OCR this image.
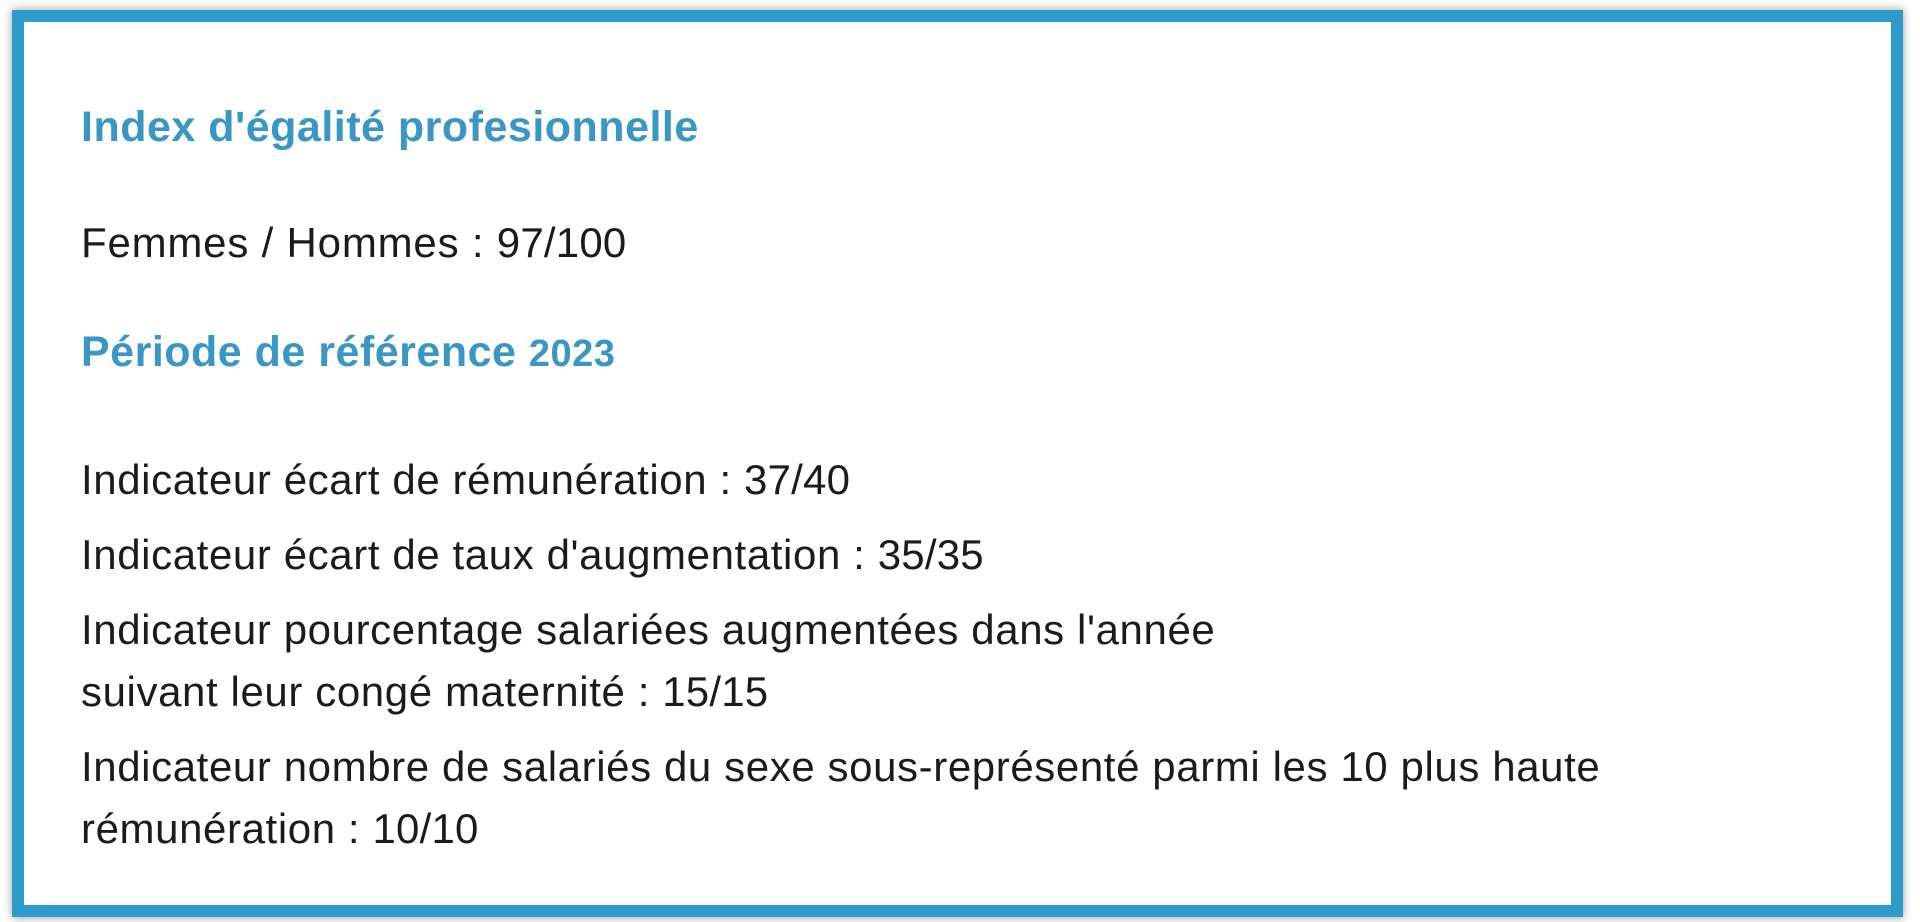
Index d'égalité profesionnelle

Femmes / Hommes : 97/100

Période de référence 2023

Indicateur écart de rémunération : 37/40

Indicateur écart de taux d'augmentation : 35/35

Indicateur pourcentage salariées augmentées dans l'année
suivant leur congé maternité : 15/15

Indicateur nombre de salariés du sexe sous-représenté parmi les 10 plus haute
rémunération : 10/10
